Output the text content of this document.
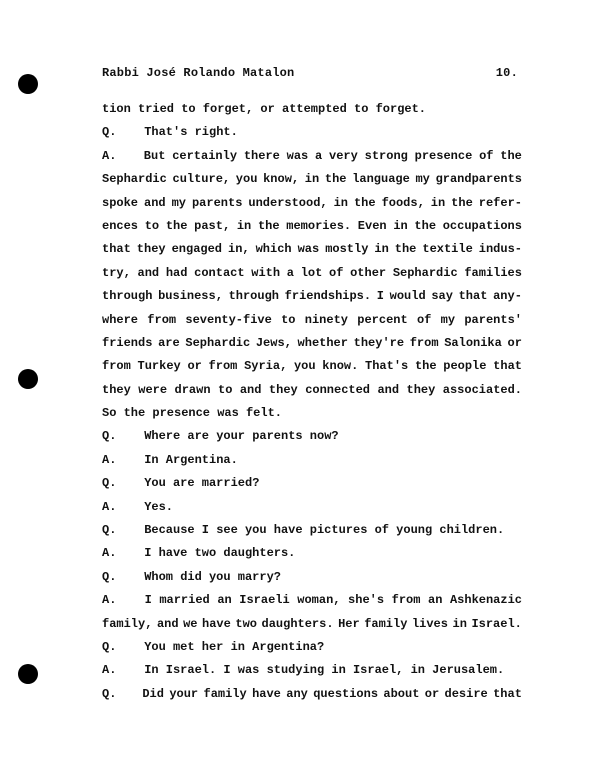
Rabbi José Rolando Matalon	10.
tion tried to forget, or attempted to forget.
Q.	That's right.
A.	But certainly there was a very strong presence of the
Sephardic culture, you know, in the language my grandparents
spoke and my parents understood, in the foods, in the refer-
ences to the past, in the memories. Even in the occupations
that they engaged in, which was mostly in the textile indus-
try, and had contact with a lot of other Sephardic families
through business, through friendships. I would say that any-
where from seventy-five to ninety percent of my parents'
friends are Sephardic Jews, whether they're from Salonika or
from Turkey or from Syria, you know. That's the people that
they were drawn to and they connected and they associated.
So the presence was felt.
Q.	Where are your parents now?
A.	In Argentina.
Q.	You are married?
A.	Yes.
Q.	Because I see you have pictures of young children.
A.	I have two daughters.
Q.	Whom did you marry?
A.	I married an Israeli woman, she's from an Ashkenazic
family, and we have two daughters. Her family lives in Israel.
Q.	You met her in Argentina?
A.	In Israel. I was studying in Israel, in Jerusalem.
Q.	Did your family have any questions about or desire that
